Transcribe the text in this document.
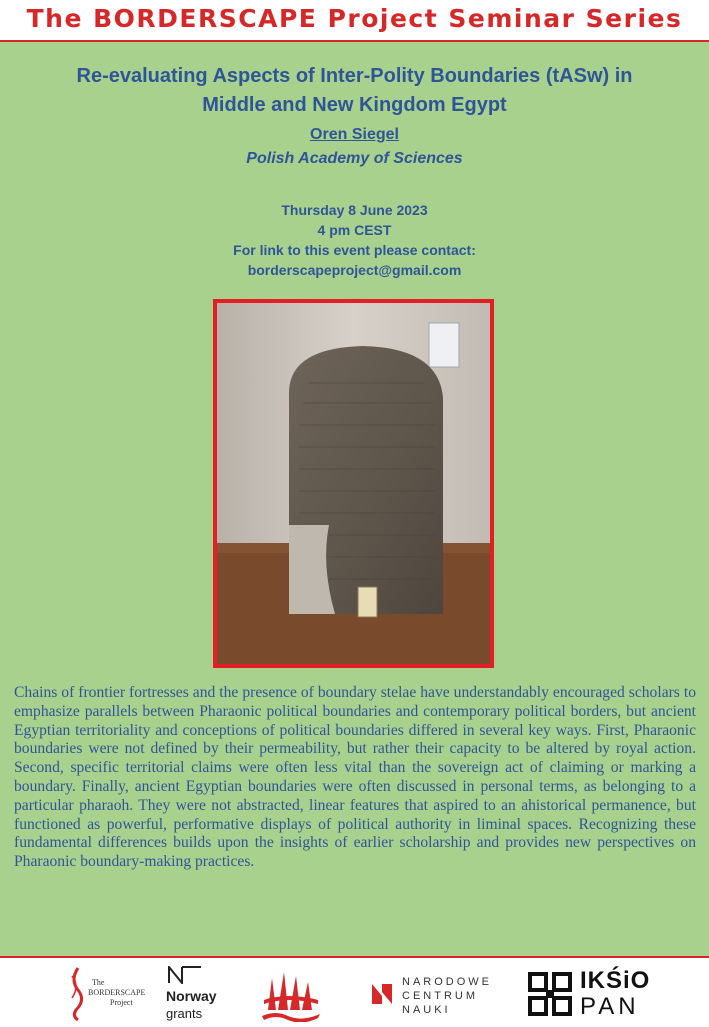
The BORDERSCAPE Project Seminar Series
Re-evaluating Aspects of Inter-Polity Boundaries (tASw) in
Middle and New Kingdom Egypt
Oren Siegel
Polish Academy of Sciences
Thursday 8 June 2023
4 pm CEST
For link to this event please contact:
borderscapeproject@gmail.com
Chains of frontier fortresses and the presence of boundary stelae have understandably encouraged scholars to emphasize parallels between Pharaonic political boundaries and contemporary political borders, but ancient Egyptian territoriality and conceptions of political boundaries differed in several key ways. First, Pharaonic boundaries were not defined by their permeability, but rather their capacity to be altered by royal action. Second, specific territorial claims were often less vital than the sovereign act of claiming or marking a boundary. Finally, ancient Egyptian boundaries were often discussed in personal terms, as belonging to a particular pharaoh. They were not abstracted, linear features that aspired to an ahistorical permanence, but functioned as powerful, performative displays of political authority in liminal spaces. Recognizing these fundamental differences builds upon the insights of earlier scholarship and provides new perspectives on Pharaonic boundary-making practices.
The
BORDERSCAPE
Project Norway
grants
NARODOWE
CENTRUM
NAUKI
IKŚiO
PAN
